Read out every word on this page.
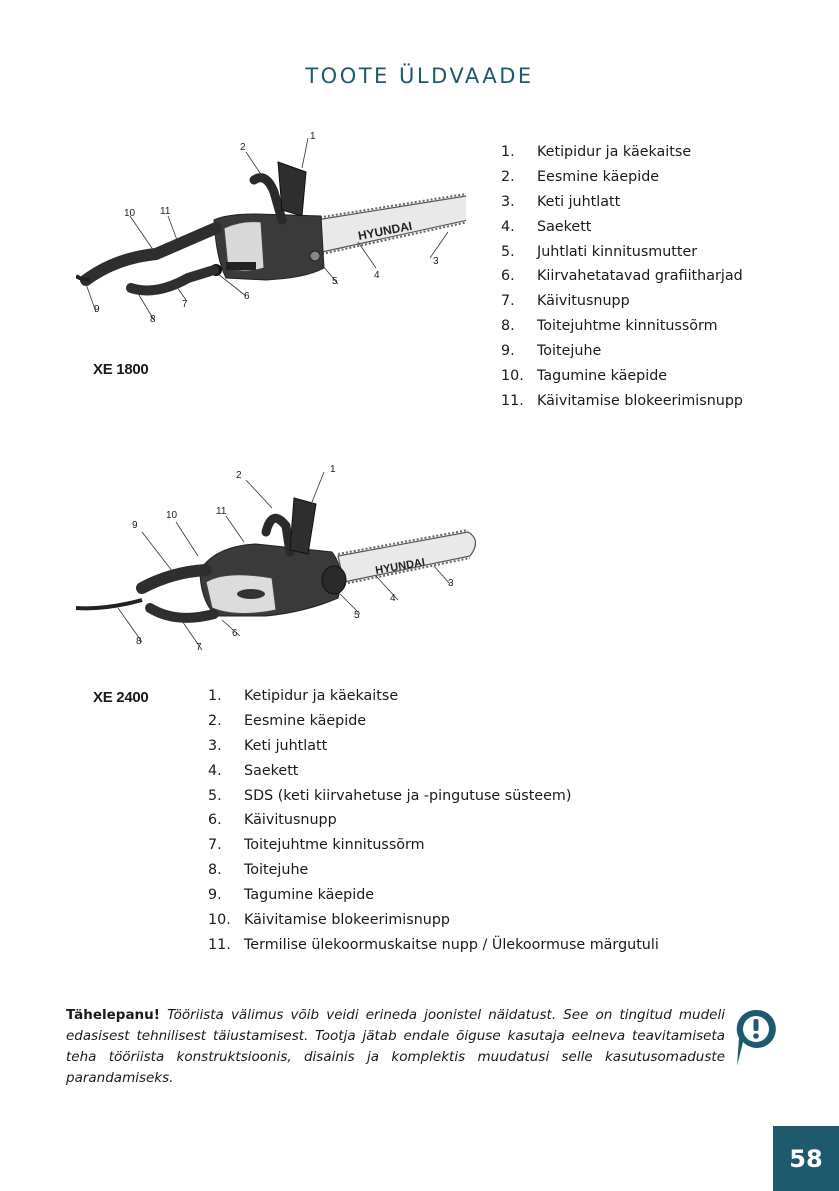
TOOTE ÜLDVAADE
HYUNDAI
1
2
3
4
5
6
7
8
9
10 11
1. Ketipidur ja käekaitse
2. Eesmine käepide
3. Keti juhtlatt
4. Saekett
5. Juhtlati kinnitusmutter
6. Kiirvahetatavad grafiitharjad
7. Käivitusnupp
8. Toitejuhtme kinnitussõrm
9. Toitejuhe
10. Tagumine käepide
11. Käivitamise blokeerimisnupp
XE 1800
HYUNDAI
1
2
3
4
5
6
7
8
9
10	11
XE 2400	1. Ketipidur ja käekaitse
2. Eesmine käepide
3. Keti juhtlatt
4. Saekett
5. SDS (keti kiirvahetuse ja -pingutuse süsteem)
6. Käivitusnupp
7. Toitejuhtme kinnitussõrm
8. Toitejuhe
9. Tagumine käepide
10. Käivitamise blokeerimisnupp
11. Termilise ülekoormuskaitse nupp / Ülekoormuse märgutuli

Tähelepanu! Tööriista välimus võib veidi erineda joonistel näidatust. See on tingitud mudeli edasisest tehnilisest täiustamisest. Tootja jätab endale õiguse kasutaja eelneva teavitamiseta teha tööriista konstruktsioonis, disainis ja komplektis muudatusi selle kasutusomaduste parandamiseks.

58
